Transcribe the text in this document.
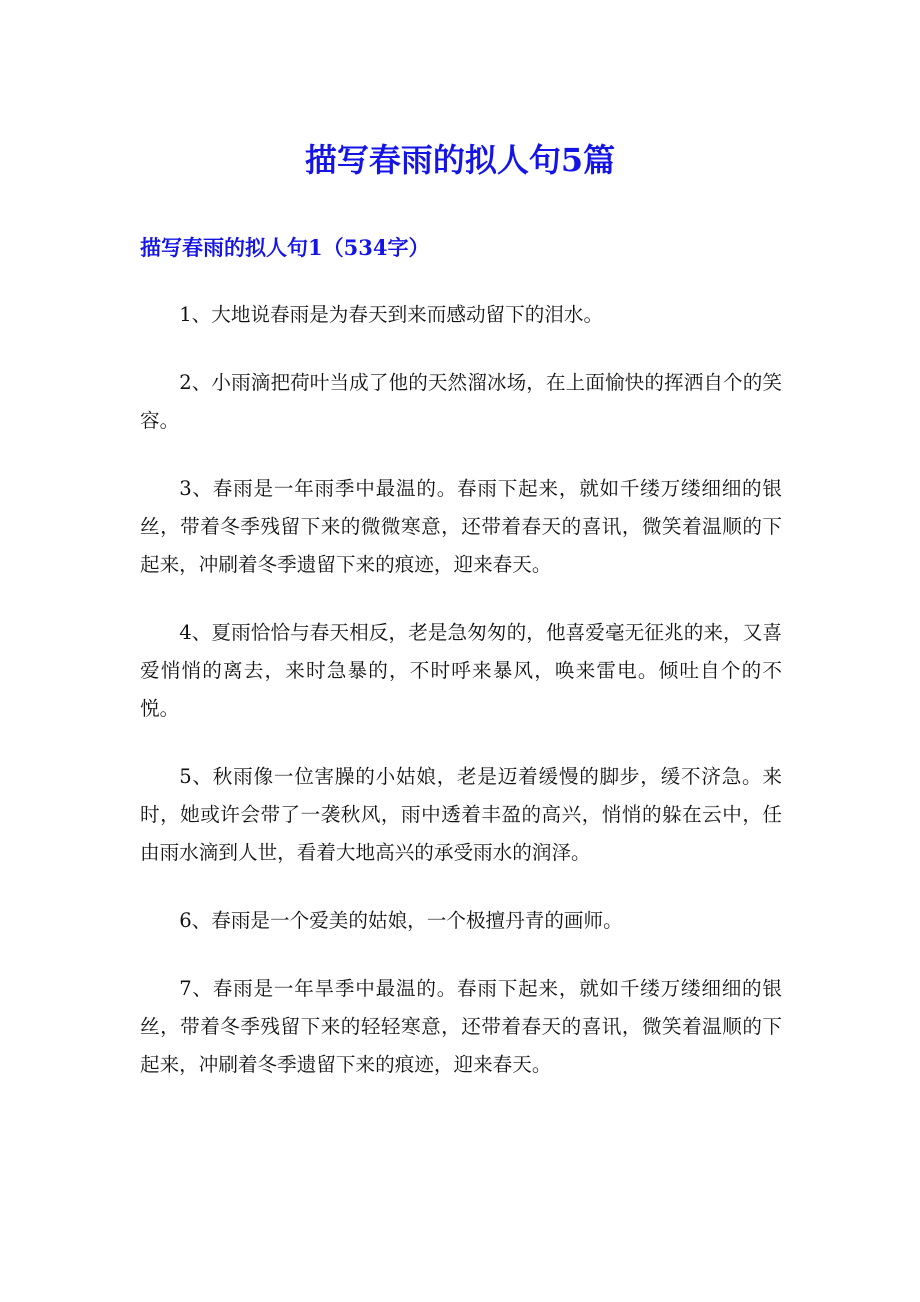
描写春雨的拟人句5篇
描写春雨的拟人句1（534字）

1、大地说春雨是为春天到来而感动留下的泪水。

2、小雨滴把荷叶当成了他的天然溜冰场，在上面愉快的挥洒自个的笑容。

3、春雨是一年雨季中最温的。春雨下起来，就如千缕万缕细细的银丝，带着冬季残留下来的微微寒意，还带着春天的喜讯，微笑着温顺的下起来，冲刷着冬季遗留下来的痕迹，迎来春天。

4、夏雨恰恰与春天相反，老是急匆匆的，他喜爱毫无征兆的来，又喜爱悄悄的离去，来时急暴的，不时呼来暴风，唤来雷电。倾吐自个的不悦。

5、秋雨像一位害臊的小姑娘，老是迈着缓慢的脚步，缓不济急。来时，她或许会带了一袭秋风，雨中透着丰盈的高兴，悄悄的躲在云中，任由雨水滴到人世，看着大地高兴的承受雨水的润泽。

6、春雨是一个爱美的姑娘，一个极擅丹青的画师。

7、春雨是一年旱季中最温的。春雨下起来，就如千缕万缕细细的银丝，带着冬季残留下来的轻轻寒意，还带着春天的喜讯，微笑着温顺的下起来，冲刷着冬季遗留下来的痕迹，迎来春天。
